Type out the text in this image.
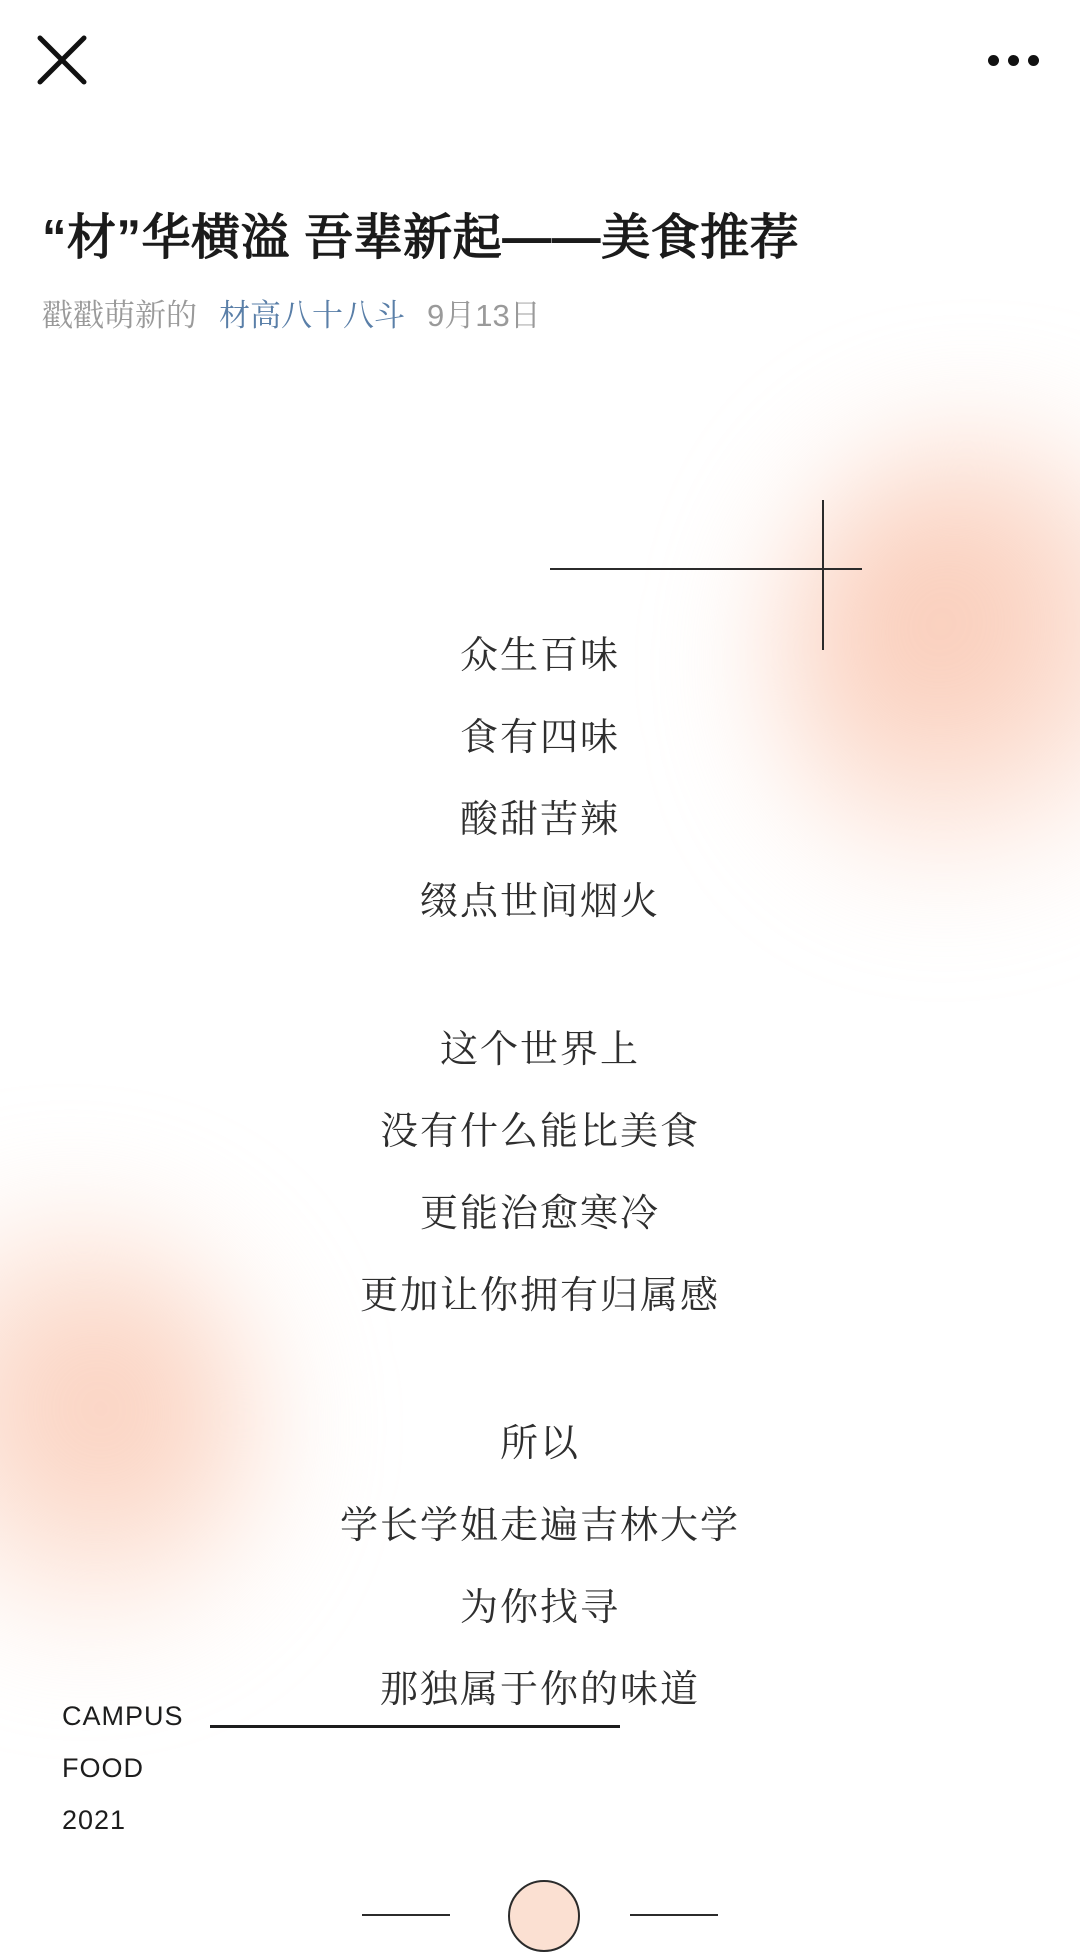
“材”华横溢 吾辈新起——美食推荐
戳戳萌新的 材高八十八斗 9月13日

众生百味

食有四味

酸甜苦辣

缀点世间烟火

这个世界上

没有什么能比美食

更能治愈寒冷

更加让你拥有归属感

所以

学长学姐走遍吉林大学

为你找寻

那独属于你的味道

CAMPUS
FOOD
2021
